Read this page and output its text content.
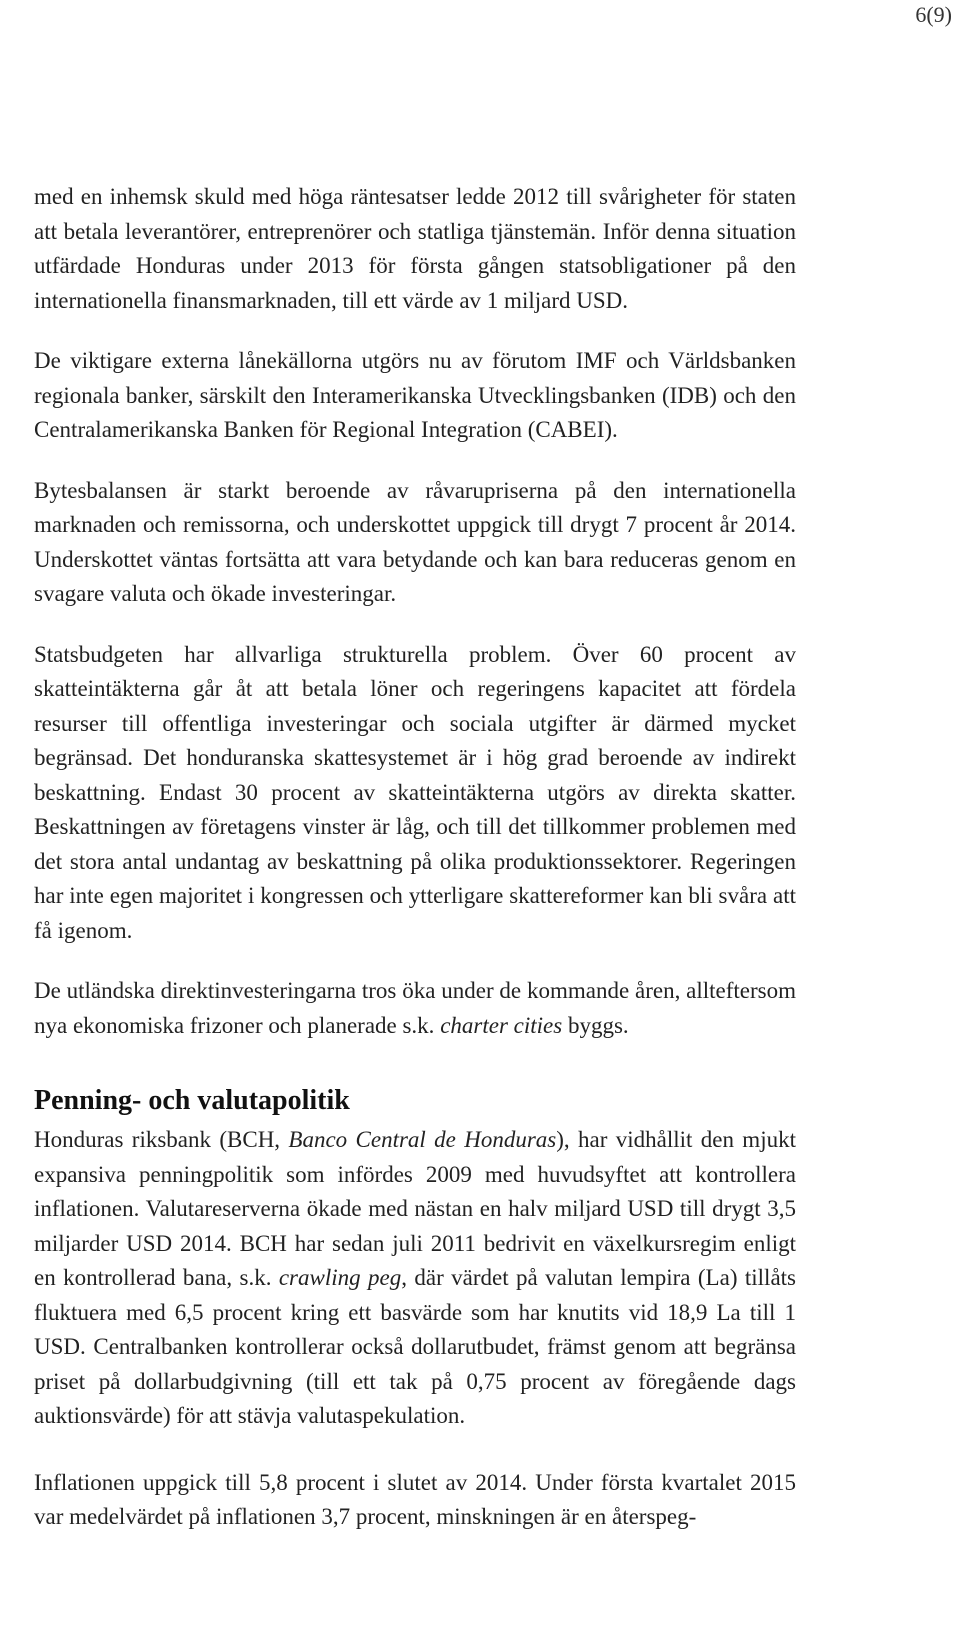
6(9)

med en inhemsk skuld med höga räntesatser ledde 2012 till svårigheter för staten att betala leverantörer, entreprenörer och statliga tjänstemän. Inför denna situation utfärdade Honduras under 2013 för första gången statsobligationer på den internationella finansmarknaden, till ett värde av 1 miljard USD.

De viktigare externa lånekällorna utgörs nu av förutom IMF och Världsbanken regionala banker, särskilt den Interamerikanska Utvecklingsbanken (IDB) och den Centralamerikanska Banken för Regional Integration (CABEI).

Bytesbalansen är starkt beroende av råvarupriserna på den internationella marknaden och remissorna, och underskottet uppgick till drygt 7 procent år 2014. Underskottet väntas fortsätta att vara betydande och kan bara reduceras genom en svagare valuta och ökade investeringar.

Statsbudgeten har allvarliga strukturella problem. Över 60 procent av skatteintäkterna går åt att betala löner och regeringens kapacitet att fördela resurser till offentliga investeringar och sociala utgifter är därmed mycket begränsad. Det honduranska skattesystemet är i hög grad beroende av indirekt beskattning. Endast 30 procent av skatteintäkterna utgörs av direkta skatter. Beskattningen av företagens vinster är låg, och till det tillkommer problemen med det stora antal undantag av beskattning på olika produktionssektorer. Regeringen har inte egen majoritet i kongressen och ytterligare skattereformer kan bli svåra att få igenom.

De utländska direktinvesteringarna tros öka under de kommande åren, allteftersom nya ekonomiska frizoner och planerade s.k. charter cities byggs.

Penning- och valutapolitik

Honduras riksbank (BCH, Banco Central de Honduras), har vidhållit den mjukt expansiva penningpolitik som infördes 2009 med huvudsyftet att kontrollera inflationen. Valutareserverna ökade med nästan en halv miljard USD till drygt 3,5 miljarder USD 2014. BCH har sedan juli 2011 bedrivit en växelkursregim enligt en kontrollerad bana, s.k. crawling peg, där värdet på valutan lempira (La) tillåts fluktuera med 6,5 procent kring ett basvärde som har knutits vid 18,9 La till 1 USD. Centralbanken kontrollerar också dollarutbudet, främst genom att begränsa priset på dollarbudgivning (till ett tak på 0,75 procent av föregående dags auktionsvärde) för att stävja valutaspekulation.

Inflationen uppgick till 5,8 procent i slutet av 2014. Under första kvartalet 2015 var medelvärdet på inflationen 3,7 procent, minskningen är en återspeg-
